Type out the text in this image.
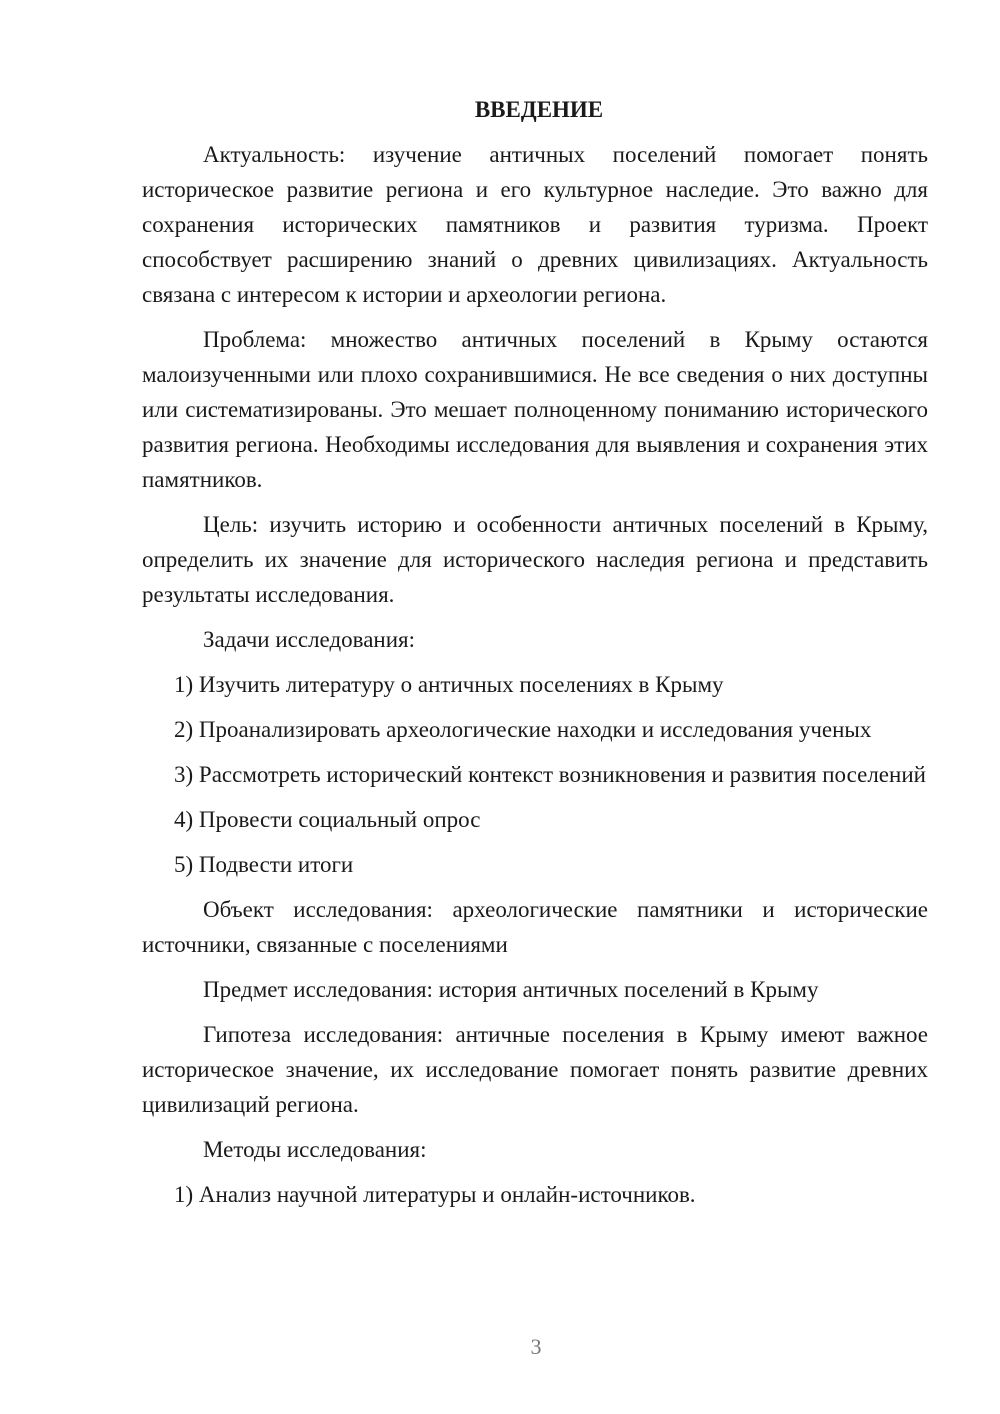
ВВЕДЕНИЕ

Актуальность: изучение античных поселений помогает понять историческое развитие региона и его культурное наследие. Это важно для сохранения исторических памятников и развития туризма. Проект способствует расширению знаний о древних цивилизациях. Актуальность связана с интересом к истории и археологии региона.

Проблема: множество античных поселений в Крыму остаются малоизученными или плохо сохранившимися. Не все сведения о них доступны или систематизированы. Это мешает полноценному пониманию исторического развития региона. Необходимы исследования для выявления и сохранения этих памятников.

Цель: изучить историю и особенности античных поселений в Крыму, определить их значение для исторического наследия региона и представить результаты исследования.

Задачи исследования:

1) Изучить литературу о античных поселениях в Крыму

2) Проанализировать археологические находки и исследования ученых

3) Рассмотреть исторический контекст возникновения и развития поселений

4) Провести социальный опрос

5) Подвести итоги

Объект исследования: археологические памятники и исторические источники, связанные с поселениями

Предмет исследования: история античных поселений в Крыму

Гипотеза исследования: античные поселения в Крыму имеют важное историческое значение, их исследование помогает понять развитие древних цивилизаций региона.

Методы исследования:

1) Анализ научной литературы и онлайн-источников.

3
